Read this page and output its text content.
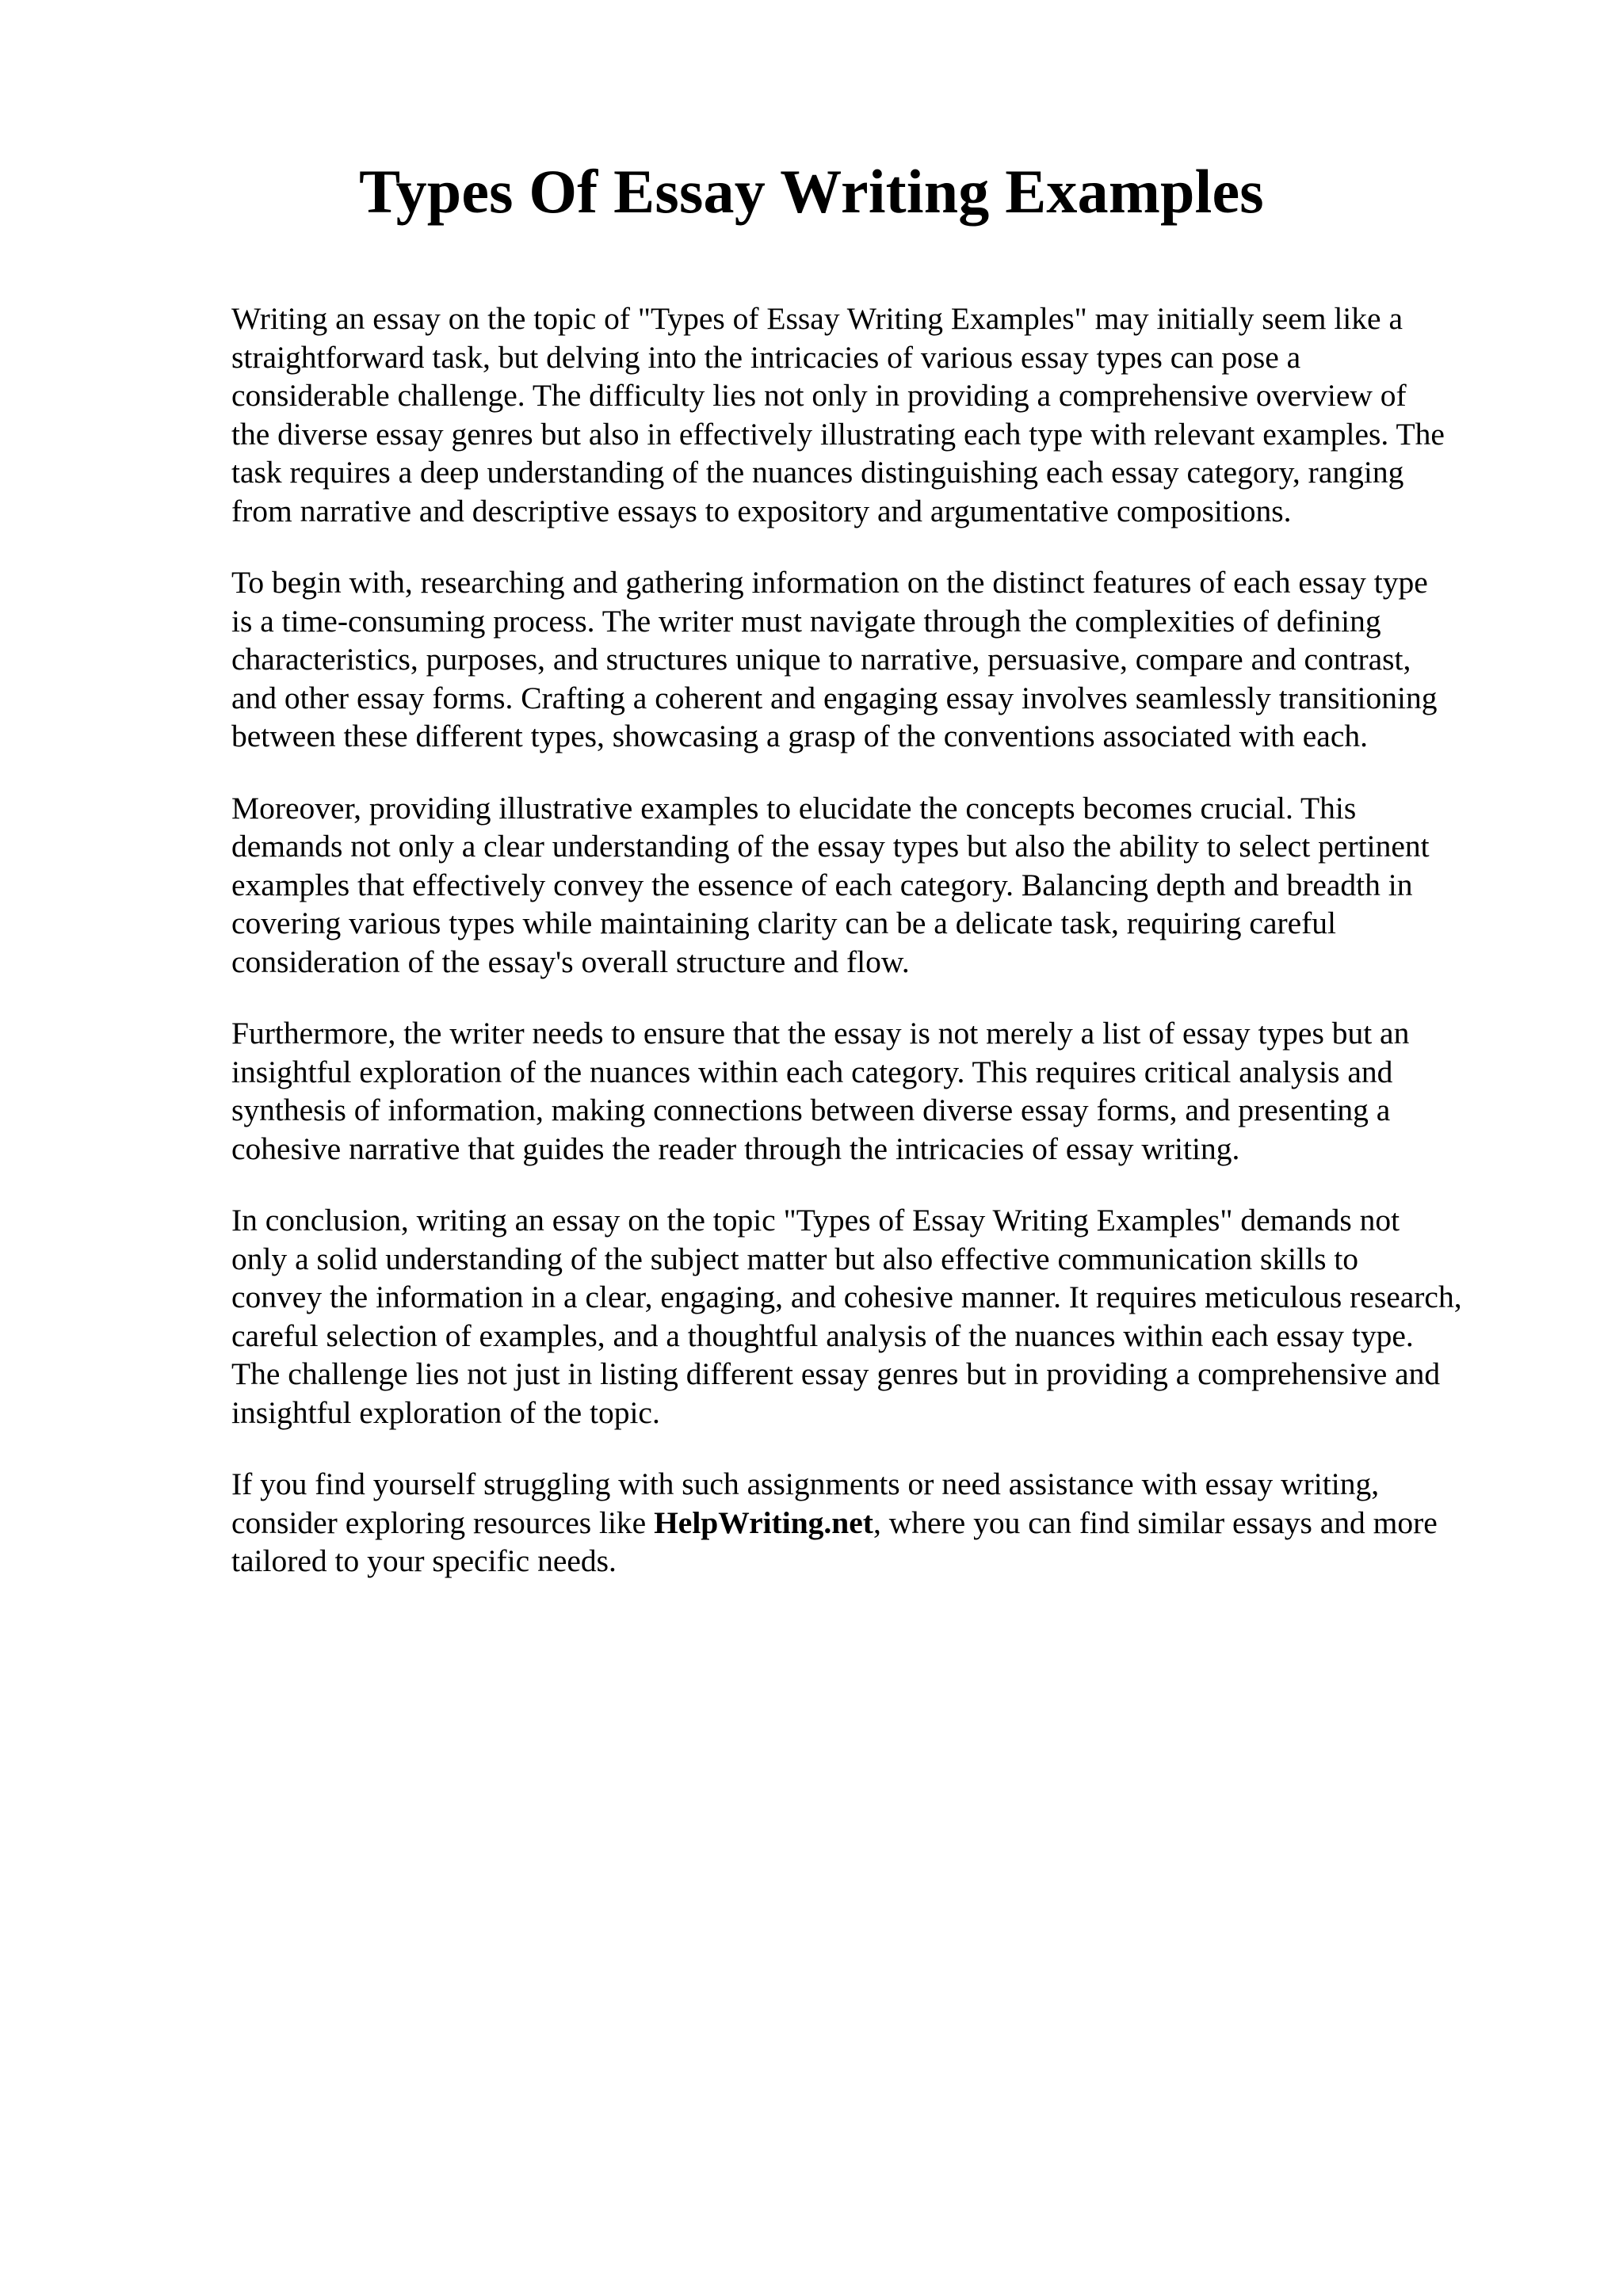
Types Of Essay Writing Examples

Writing an essay on the topic of "Types of Essay Writing Examples" may initially seem like a
straightforward task, but delving into the intricacies of various essay types can pose a
considerable challenge. The difficulty lies not only in providing a comprehensive overview of
the diverse essay genres but also in effectively illustrating each type with relevant examples. The
task requires a deep understanding of the nuances distinguishing each essay category, ranging
from narrative and descriptive essays to expository and argumentative compositions.

To begin with, researching and gathering information on the distinct features of each essay type
is a time-consuming process. The writer must navigate through the complexities of defining
characteristics, purposes, and structures unique to narrative, persuasive, compare and contrast,
and other essay forms. Crafting a coherent and engaging essay involves seamlessly transitioning
between these different types, showcasing a grasp of the conventions associated with each.

Moreover, providing illustrative examples to elucidate the concepts becomes crucial. This
demands not only a clear understanding of the essay types but also the ability to select pertinent
examples that effectively convey the essence of each category. Balancing depth and breadth in
covering various types while maintaining clarity can be a delicate task, requiring careful
consideration of the essay's overall structure and flow.

Furthermore, the writer needs to ensure that the essay is not merely a list of essay types but an
insightful exploration of the nuances within each category. This requires critical analysis and
synthesis of information, making connections between diverse essay forms, and presenting a
cohesive narrative that guides the reader through the intricacies of essay writing.

In conclusion, writing an essay on the topic "Types of Essay Writing Examples" demands not
only a solid understanding of the subject matter but also effective communication skills to
convey the information in a clear, engaging, and cohesive manner. It requires meticulous research,
careful selection of examples, and a thoughtful analysis of the nuances within each essay type.
The challenge lies not just in listing different essay genres but in providing a comprehensive and
insightful exploration of the topic.

If you find yourself struggling with such assignments or need assistance with essay writing,
consider exploring resources like HelpWriting.net, where you can find similar essays and more
tailored to your specific needs.
